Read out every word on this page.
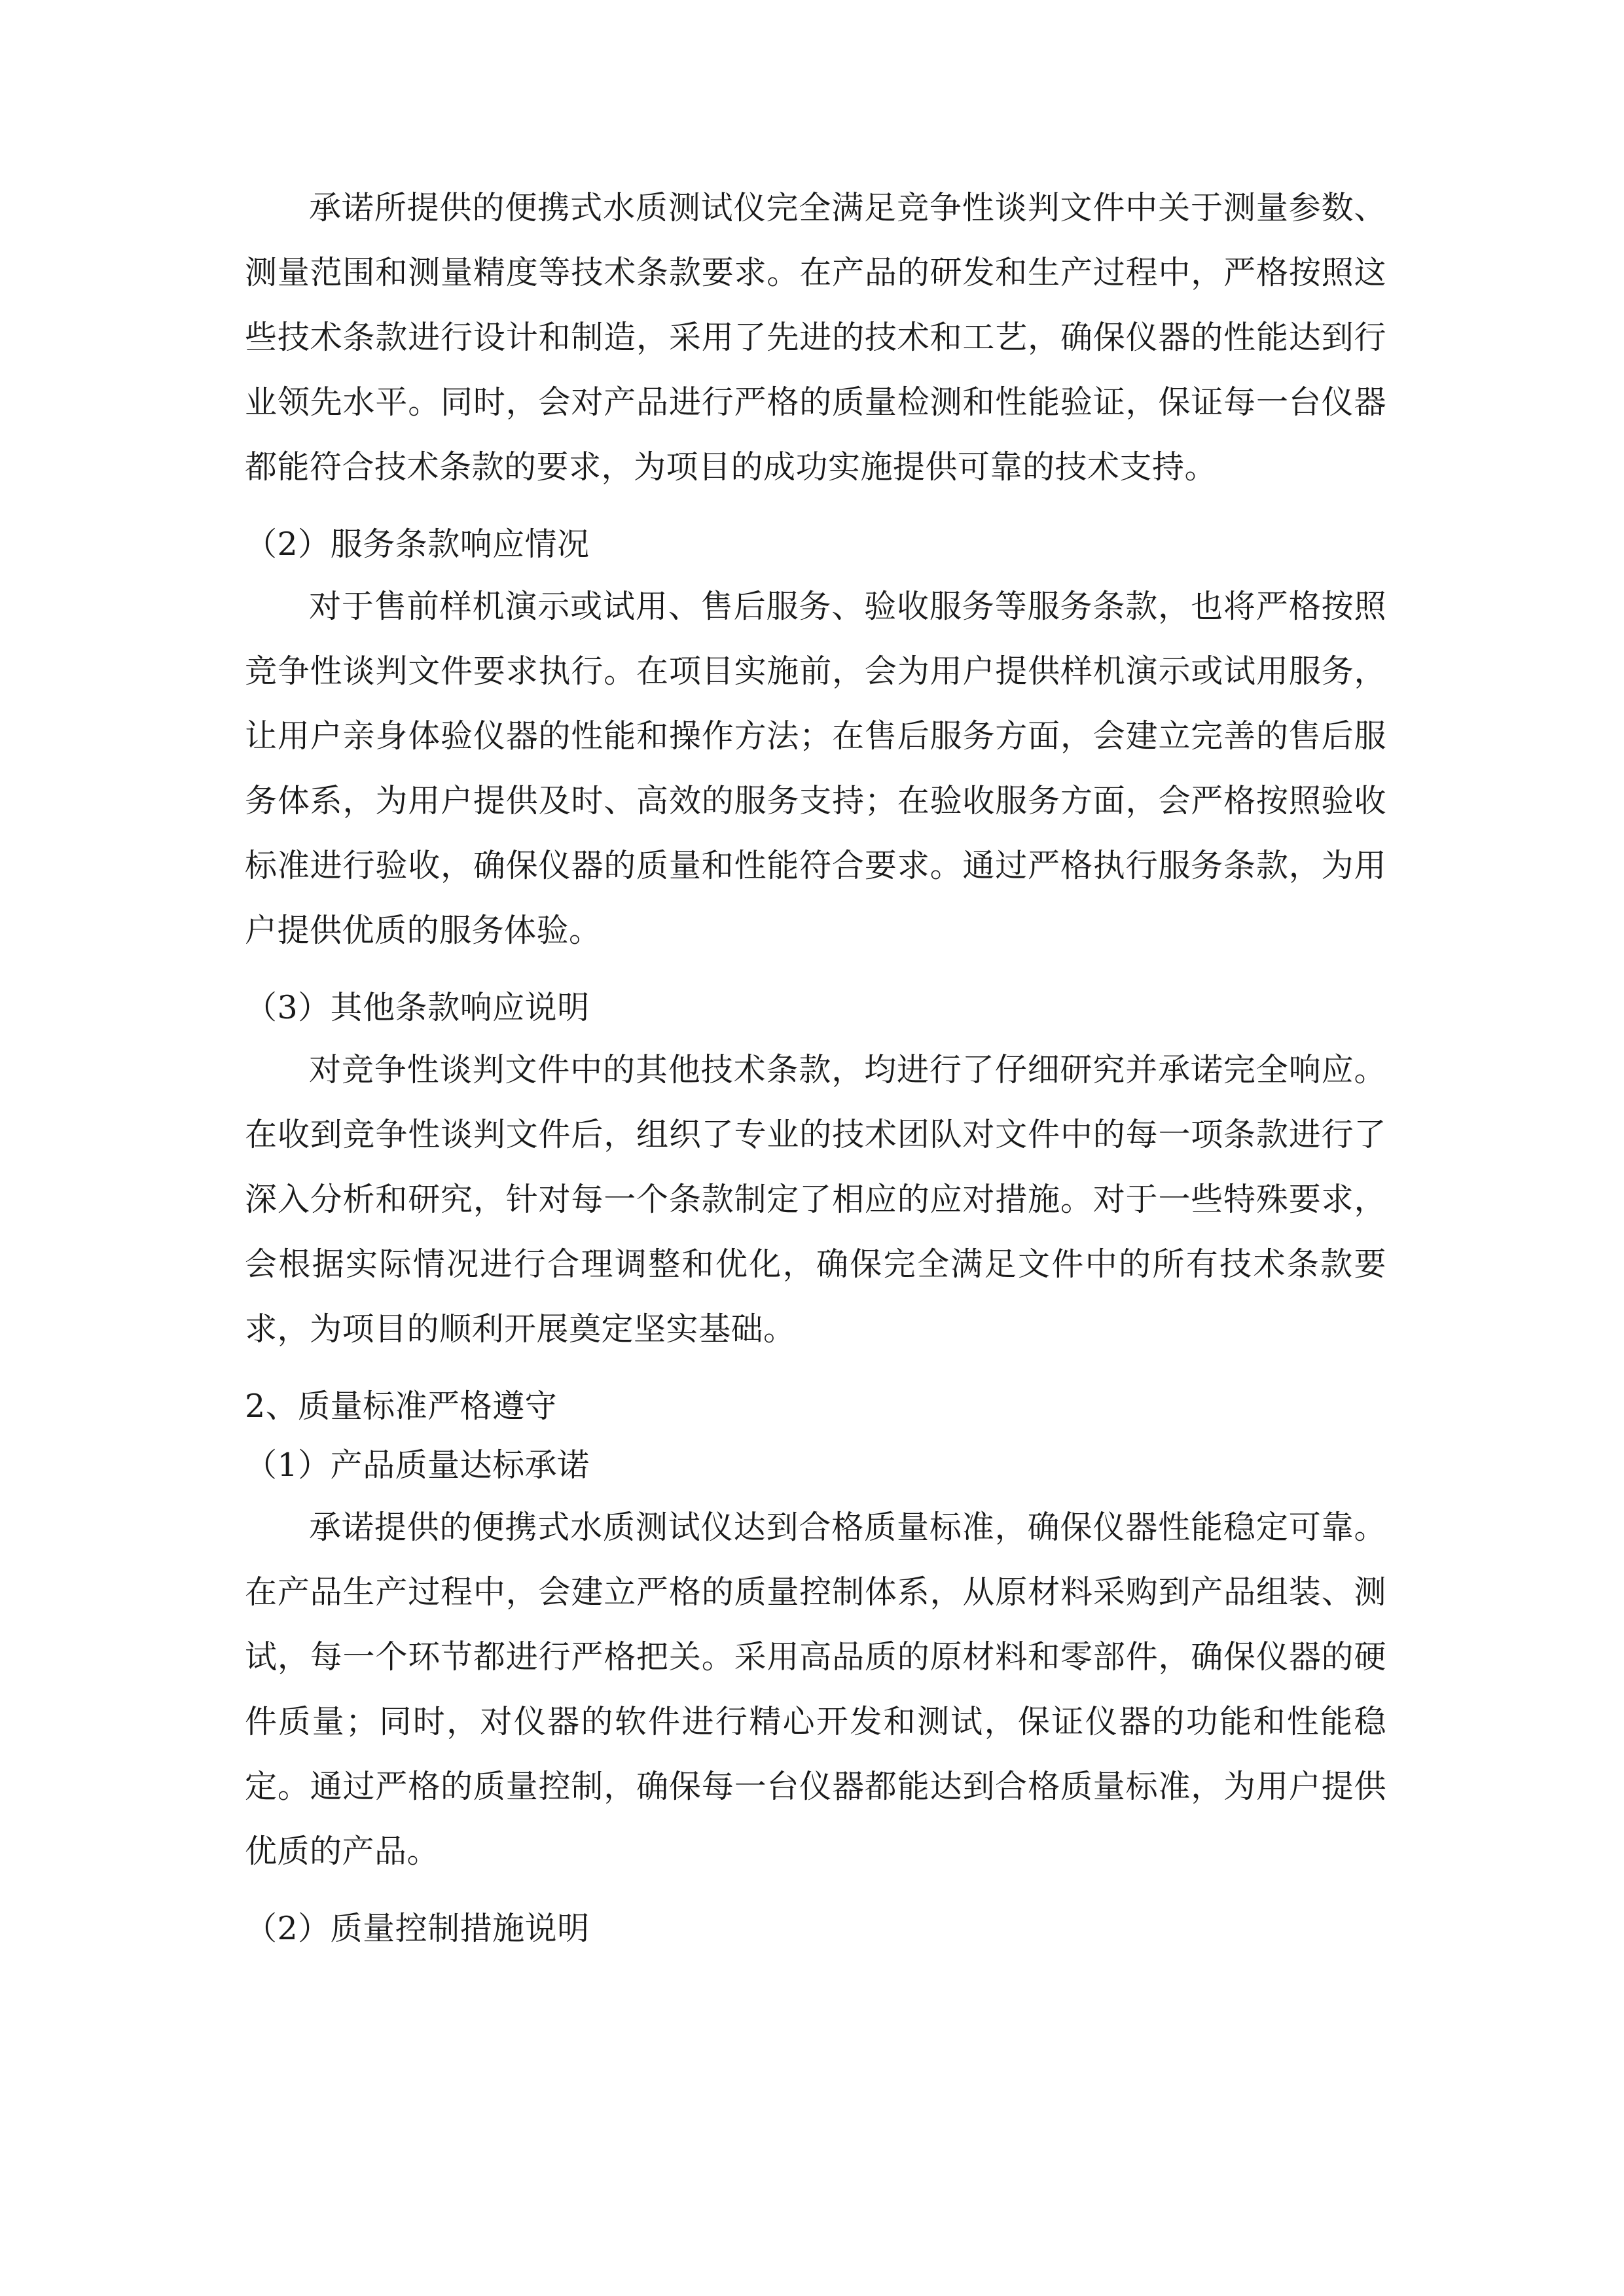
承诺所提供的便携式水质测试仪完全满足竞争性谈判文件中关于测量参数、测量范围和测量精度等技术条款要求。在产品的研发和生产过程中，严格按照这些技术条款进行设计和制造，采用了先进的技术和工艺，确保仪器的性能达到行业领先水平。同时，会对产品进行严格的质量检测和性能验证，保证每一台仪器都能符合技术条款的要求，为项目的成功实施提供可靠的技术支持。

（2）服务条款响应情况

对于售前样机演示或试用、售后服务、验收服务等服务条款，也将严格按照竞争性谈判文件要求执行。在项目实施前，会为用户提供样机演示或试用服务，让用户亲身体验仪器的性能和操作方法；在售后服务方面，会建立完善的售后服务体系，为用户提供及时、高效的服务支持；在验收服务方面，会严格按照验收标准进行验收，确保仪器的质量和性能符合要求。通过严格执行服务条款，为用户提供优质的服务体验。

（3）其他条款响应说明

对竞争性谈判文件中的其他技术条款，均进行了仔细研究并承诺完全响应。在收到竞争性谈判文件后，组织了专业的技术团队对文件中的每一项条款进行了深入分析和研究，针对每一个条款制定了相应的应对措施。对于一些特殊要求，会根据实际情况进行合理调整和优化，确保完全满足文件中的所有技术条款要求，为项目的顺利开展奠定坚实基础。

2、质量标准严格遵守

（1）产品质量达标承诺

承诺提供的便携式水质测试仪达到合格质量标准，确保仪器性能稳定可靠。在产品生产过程中，会建立严格的质量控制体系，从原材料采购到产品组装、测试，每一个环节都进行严格把关。采用高品质的原材料和零部件，确保仪器的硬件质量；同时，对仪器的软件进行精心开发和测试，保证仪器的功能和性能稳定。通过严格的质量控制，确保每一台仪器都能达到合格质量标准，为用户提供优质的产品。

（2）质量控制措施说明
